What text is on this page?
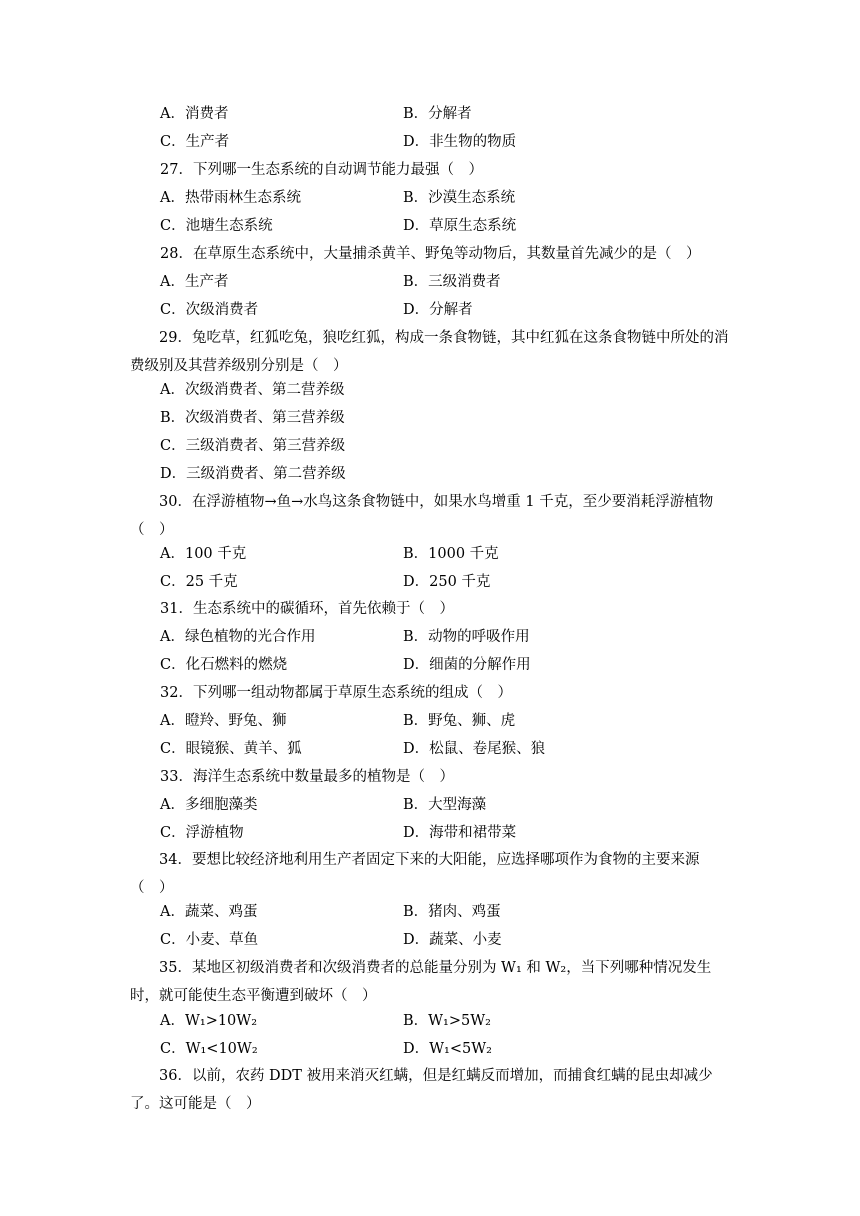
A．消费者	B．分解者
C．生产者	D．非生物的物质
27．下列哪一生态系统的自动调节能力最强（　）
A．热带雨林生态系统	B．沙漠生态系统
C．池塘生态系统	D．草原生态系统
28．在草原生态系统中，大量捕杀黄羊、野兔等动物后，其数量首先减少的是（　）
A．生产者	B．三级消费者
C．次级消费者	D．分解者
　　29．兔吃草，红狐吃兔，狼吃红狐，构成一条食物链，其中红狐在这条食物链中所处的消费级别及其营养级别分别是（　）
A．次级消费者、第二营养级
B．次级消费者、第三营养级
C．三级消费者、第三营养级
D．三级消费者、第二营养级
　　30．在浮游植物→鱼→水鸟这条食物链中，如果水鸟增重 1 千克，至少要消耗浮游植物（　）
A．100 千克	B．1000 千克
C．25 千克	D．250 千克
31．生态系统中的碳循环，首先依赖于（　）
A．绿色植物的光合作用	B．动物的呼吸作用
C．化石燃料的燃烧	D．细菌的分解作用
32．下列哪一组动物都属于草原生态系统的组成（　）
A．瞪羚、野兔、狮	B．野兔、狮、虎
C．眼镜猴、黄羊、狐	D．松鼠、卷尾猴、狼
33．海洋生态系统中数量最多的植物是（　）
A．多细胞藻类	B．大型海藻
C．浮游植物	D．海带和裙带菜
　　34．要想比较经济地利用生产者固定下来的大阳能，应选择哪项作为食物的主要来源（　）
A．蔬菜、鸡蛋	B．猪肉、鸡蛋
C．小麦、草鱼	D．蔬菜、小麦
　　35．某地区初级消费者和次级消费者的总能量分别为 W₁ 和 W₂，当下列哪种情况发生时，就可能使生态平衡遭到破坏（　）
A．W₁>10W₂	B．W₁>5W₂
C．W₁<10W₂	D．W₁<5W₂
　　36．以前，农药 DDT 被用来消灭红螨，但是红螨反而增加，而捕食红螨的昆虫却减少了。这可能是（　）
